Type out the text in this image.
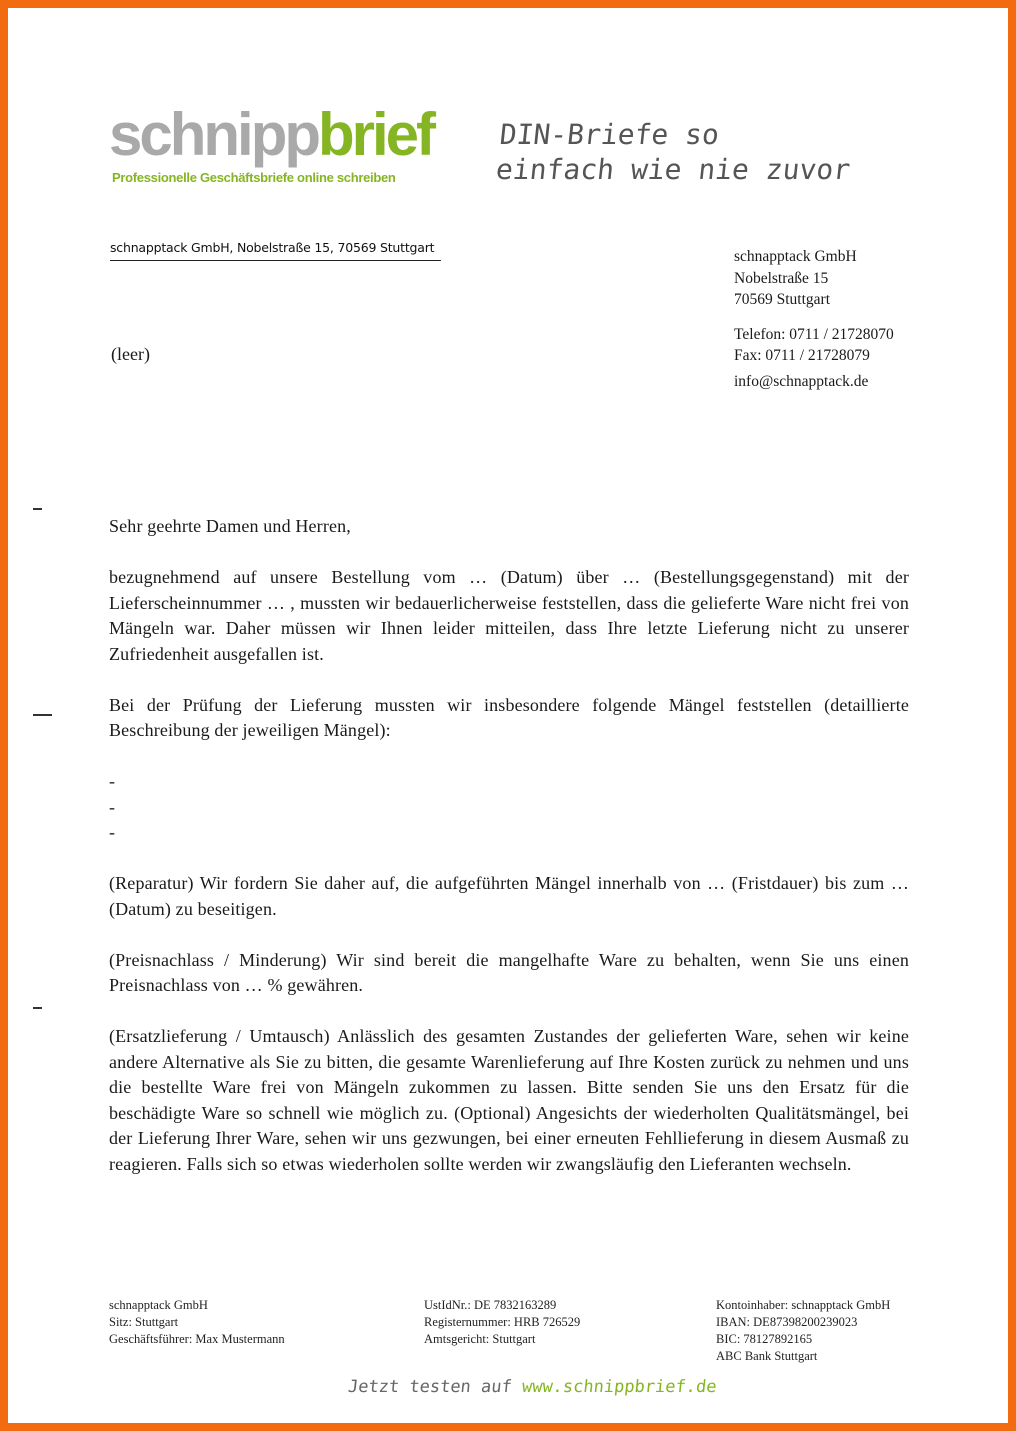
schnippbrief
Professionelle Geschäftsbriefe online schreiben
DIN-Briefe so
einfach wie nie zuvor
schnapptack GmbH, Nobelstraße 15, 70569 Stuttgart
(leer)
schnapptack GmbH
Nobelstraße 15
70569 Stuttgart
Telefon: 0711 / 21728070
Fax: 0711 / 21728079
info@schnapptack.de

Sehr geehrte Damen und Herren,

bezugnehmend auf unsere Bestellung vom … (Datum) über … (Bestellungsgegenstand) mit der Lieferscheinnummer … , mussten wir bedauerlicherweise feststellen, dass die gelieferte Ware nicht frei von Mängeln war. Daher müssen wir Ihnen leider mitteilen, dass Ihre letzte Lieferung nicht zu unserer Zufriedenheit ausgefallen ist.

Bei der Prüfung der Lieferung mussten wir insbesondere folgende Mängel feststellen (detaillierte Beschreibung der jeweiligen Mängel):

-
-
-

(Reparatur) Wir fordern Sie daher auf, die aufgeführten Mängel innerhalb von … (Fristdauer) bis zum … (Datum) zu beseitigen.

(Preisnachlass / Minderung) Wir sind bereit die mangelhafte Ware zu behalten, wenn Sie uns einen Preisnachlass von … % gewähren.

(Ersatzlieferung / Umtausch) Anlässlich des gesamten Zustandes der gelieferten Ware, sehen wir keine andere Alternative als Sie zu bitten, die gesamte Warenlieferung auf Ihre Kosten zurück zu nehmen und uns die bestellte Ware frei von Mängeln zukommen zu lassen. Bitte senden Sie uns den Ersatz für die beschädigte Ware so schnell wie möglich zu. (Optional) Angesichts der wiederholten Qualitätsmängel, bei der Lieferung Ihrer Ware, sehen wir uns gezwungen, bei einer erneuten Fehllieferung in diesem Ausmaß zu reagieren. Falls sich so etwas wiederholen sollte werden wir zwangsläufig den Lieferanten wechseln.

schnapptack GmbH
Sitz: Stuttgart
Geschäftsführer: Max Mustermann
UstIdNr.: DE 7832163289
Registernummer: HRB 726529
Amtsgericht: Stuttgart
Kontoinhaber: schnapptack GmbH
IBAN: DE87398200239023
BIC: 78127892165
ABC Bank Stuttgart
Jetzt testen auf www.schnippbrief.de
